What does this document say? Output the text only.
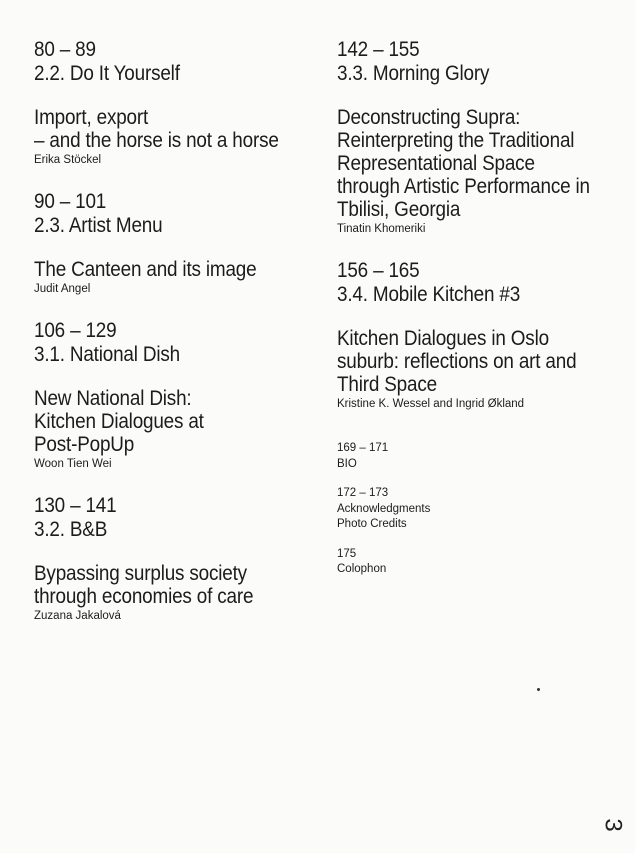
80 – 89
2.2. Do It Yourself
Import, export
– and the horse is not a horse
Erika Stöckel
90 – 101
2.3. Artist Menu
The Canteen and its image
Judit Angel
106 – 129
3.1. National Dish
New National Dish:
Kitchen Dialogues at
Post-PopUp
Woon Tien Wei
130 – 141
3.2. B&B
Bypassing surplus society
through economies of care
Zuzana Jakalová
142 – 155
3.3. Morning Glory
Deconstructing Supra:
Reinterpreting the Traditional
Representational Space
through Artistic Performance in
Tbilisi, Georgia
Tinatin Khomeriki
156 – 165
3.4. Mobile Kitchen #3
Kitchen Dialogues in Oslo
suburb: reflections on art and
Third Space
Kristine K. Wessel and Ingrid Økland
169 – 171
BIO
172 – 173
Acknowledgments
Photo Credits
175
Colophon
3
